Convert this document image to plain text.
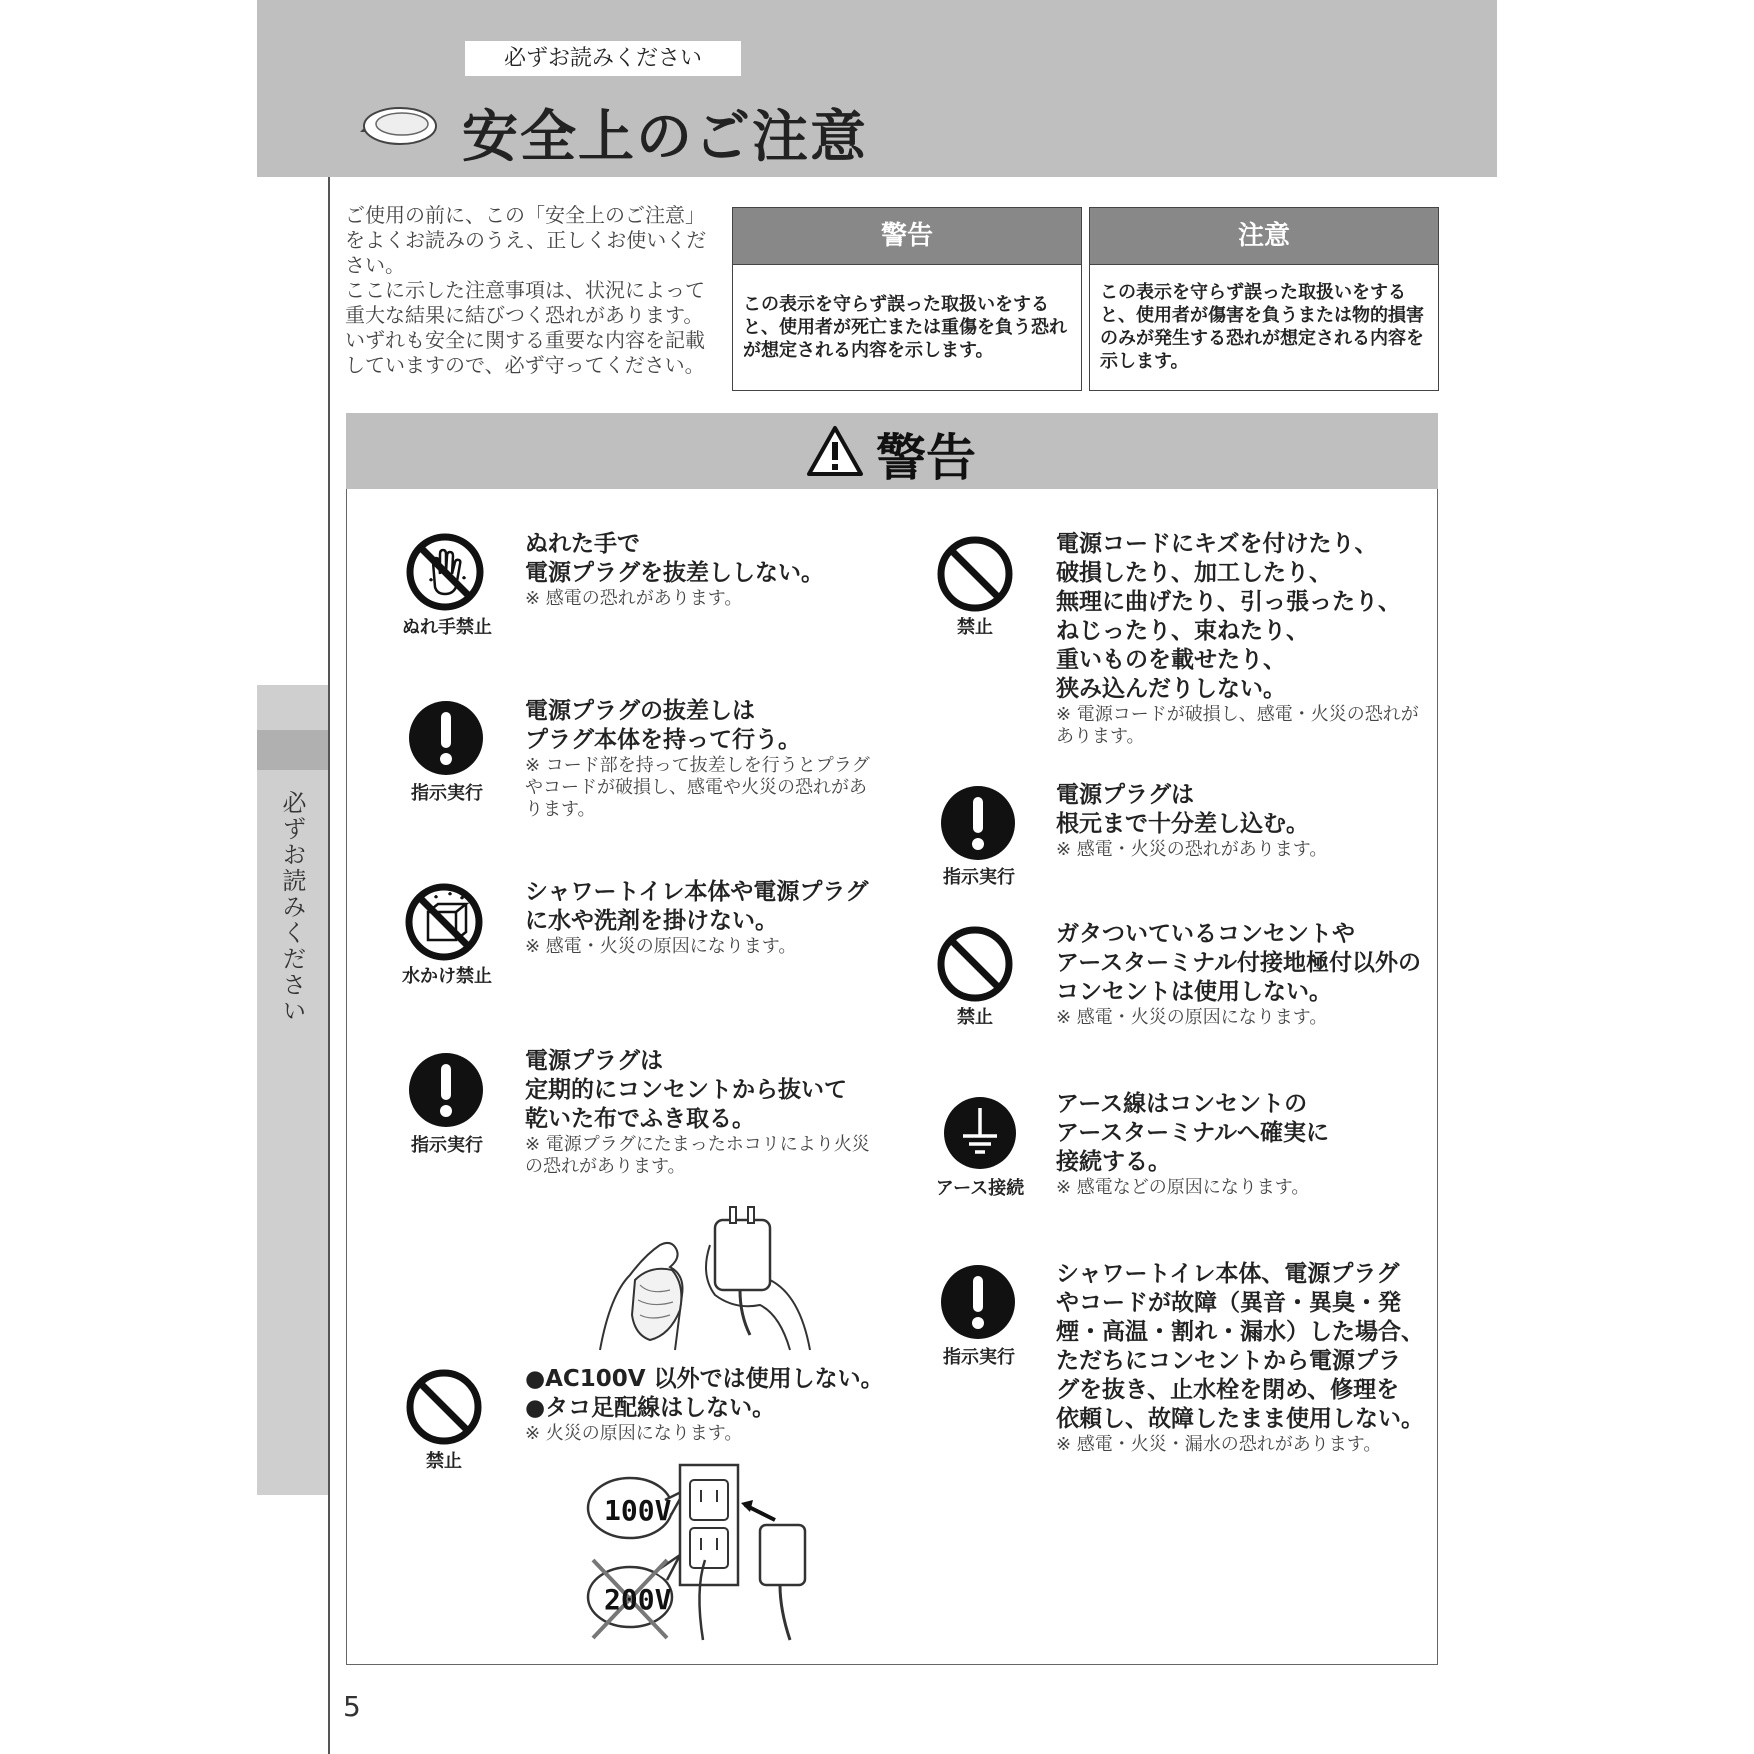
必ずお読みください
安全上のご注意
必ずお読みください

ご使用の前に、この「安全上のご注意」をよくお読みのうえ、正しくお使いください。

ここに示した注意事項は、状況によって重大な結果に結びつく恐れがあります。いずれも安全に関する重要な内容を記載していますので、必ず守ってください。

警告
この表示を守らず誤った取扱いをすると、使用者が死亡または重傷を負う恐れが想定される内容を示します。
注意
この表示を守らず誤った取扱いをすると、使用者が傷害を負うまたは物的損害のみが発生する恐れが想定される内容を示します。
警告
ぬれ手禁止
ぬれた手で
電源プラグを抜差ししない。
※ 感電の恐れがあります。
指示実行
電源プラグの抜差しは
プラグ本体を持って行う。
※ コード部を持って抜差しを行うとプラグやコードが破損し、感電や火災の恐れがあります。
水かけ禁止
シャワートイレ本体や電源プラグ
に水や洗剤を掛けない。
※ 感電・火災の原因になります。
指示実行
電源プラグは
定期的にコンセントから抜いて
乾いた布でふき取る。
※ 電源プラグにたまったホコリにより火災の恐れがあります。
禁止
●AC100V 以外では使用しない。
●タコ足配線はしない。
※ 火災の原因になります。
100V
200V
禁止
電源コードにキズを付けたり、
破損したり、加工したり、
無理に曲げたり、引っ張ったり、
ねじったり、束ねたり、
重いものを載せたり、
狭み込んだりしない。
※ 電源コードが破損し、感電・火災の恐れがあります。
指示実行
電源プラグは
根元まで十分差し込む。
※ 感電・火災の恐れがあります。
禁止
ガタついているコンセントや
アースターミナル付接地極付以外の
コンセントは使用しない。
※ 感電・火災の原因になります。
アース接続
アース線はコンセントの
アースターミナルへ確実に
接続する。
※ 感電などの原因になります。
指示実行
シャワートイレ本体、電源プラグ
やコードが故障（異音・異臭・発
煙・高温・割れ・漏水）した場合、
ただちにコンセントから電源プラ
グを抜き、止水栓を閉め、修理を
依頼し、故障したまま使用しない。
※ 感電・火災・漏水の恐れがあります。
5
